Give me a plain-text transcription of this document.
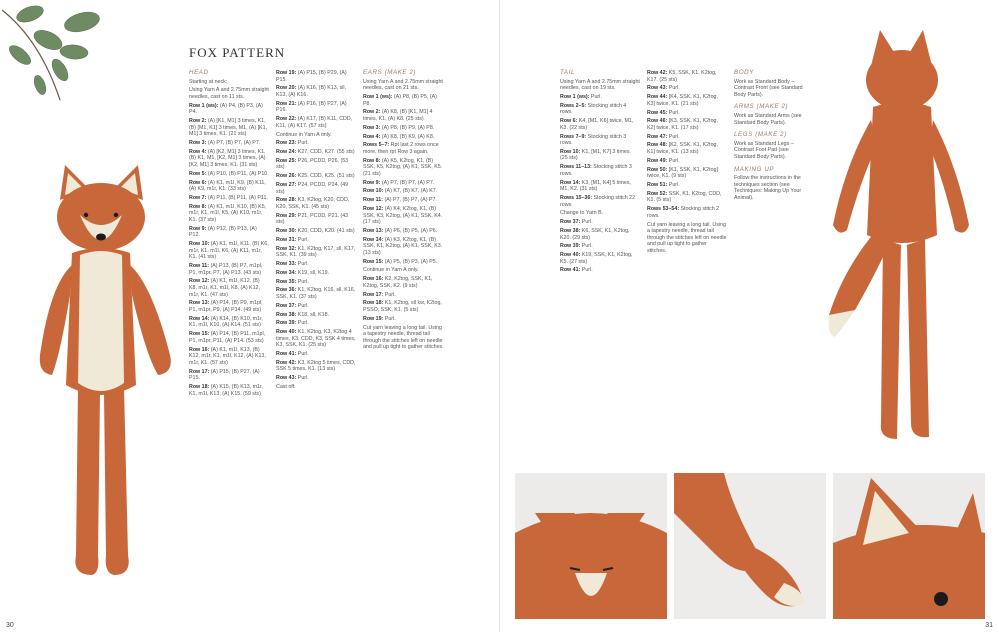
FOX PATTERN
HEAD

Starting at neck:

Using Yarn A and 2.75mm straight needles, cast on 11 sts.

Row 1 (ws): (A) P4, (B) P3, (A) P4.

Row 2: (A) [K1, M1] 3 times, K1, (B) [M1, K1] 3 times, M1, (A) [K1, M1] 3 times, K1. (21 sts)

Row 3: (A) P7, (B) P7, (A) P7.

Row 4: (A) [K2, M1] 3 times, K1, (B) K1, M1, [K2, M1] 3 times, (A) [K2, M1] 3 times, K1. (31 sts)

Row 5: (A) P10, (B) P11, (A) P10.

Row 6: (A) K1, m1l, K9, (B) K11, (A) K9, m1r, K1. (33 sts)

Row 7: (A) P11, (B) P11, (A) P11.

Row 8: (A) K1, m1l, K10, (B) K5, m1r, K1, m1l, K5, (A) K10, m1r, K1. (37 sts)

Row 9: (A) P12, (B) P13, (A) P12.

Row 10: (A) K1, m1l, K11, (B) K6, m1r, K1, m1l, K6, (A) K11, m1r, K1. (41 sts)

Row 11: (A) P13, (B) P7, m1pl, P1, m1pr, P7, (A) P13. (43 sts)

Row 12: (A) K1, m1l, K12, (B) K8, m1r, K1, m1l, K8, (A) K12, m1r, K1. (47 sts)

Row 13: (A) P14, (B) P9, m1pl, P1, m1pr, P9, (A) P14. (49 sts)

Row 14: (A) K14, (B) K10, m1r, K1, m1l, K10, (A) K14. (51 sts)

Row 15: (A) P14, (B) P11, m1pl, P1, m1pr, P11, (A) P14. (53 sts)

Row 16: (A) K1, m1l, K13, (B) K12, m1r, K1, m1l, K12, (A) K13, m1r, K1. (57 sts)

Row 17: (A) P15, (B) P27, (A) P15.

Row 18: (A) K15, (B) K13, m1r, K1, m1l, K13, (A) K15. (59 sts)

Row 19: (A) P15, (B) P29, (A) P15.

Row 20: (A) K16, (B) K13, sll, K13, (A) K16.

Row 21: (A) P16, (B) P27, (A) P16.

Row 22: (A) K17, (B) K11, CDD, K11, (A) K17. (57 sts)

Continue in Yarn A only.

Row 23: Purl.

Row 24: K27, CDD, K27. (55 sts)

Row 25: P26, PCDD, P26. (53 sts)

Row 26: K25, CDD, K25. (51 sts)

Row 27: P24, PCDD, P24. (49 sts)

Row 28: K3, K2tog, K20, CDD, K20, SSK, K1. (45 sts)

Row 29: P21, PCDD, P21. (43 sts)

Row 30: K20, CDD, K20. (41 sts)

Row 31: Purl.

Row 32: K1, K2tog, K17, sll, K17, SSK, K1. (39 sts)

Row 33: Purl.

Row 34: K19, sll, K19.

Row 35: Purl.

Row 36: K1, K2tog, K16, sll, K16, SSK, K1. (37 sts)

Row 37: Purl.

Row 38: K18, sll, K18.

Row 39: Purl.

Row 40: K1, K2tog, K3, K2tog 4 times, K3, CDD, K3, SSK 4 times, K3, SSK, K1. (25 sts)

Row 41: Purl.

Row 42: K3, K2tog 5 times, CDD, SSK 5 times, K1. (13 sts)

Row 43: Purl.

Cast off.

EARS (MAKE 2)

Using Yarn A and 2.75mm straight needles, cast on 21 sts.

Row 1 (ws): (A) P8, (B) P5, (A) P8.

Row 2: (A) K8, (B) [K1, M1] 4 times, K1, (A) K8. (25 sts)

Row 3: (A) P8, (B) P9, (A) P8.

Row 4: (A) K8, (B) K9, (A) K8.

Rows 5–7: Rpt last 2 rows once more, then rpt Row 3 again.

Row 8: (A) K5, K2tog, K1, (B) SSK, K5, K2tog, (A) K1, SSK, K5. (21 sts)

Row 9: (A) P7, (B) P7, (A) P7.

Row 10: (A) K7, (B) K7, (A) K7.

Row 11: (A) P7, (B) P7, (A) P7.

Row 12: (A) K4, K2tog, K1, (B) SSK, K3, K2tog, (A) K1, SSK, K4. (17 sts)

Row 13: (A) P6, (B) P5, (A) P6.

Row 14: (A) K3, K2tog, K1, (B) SSK, K1, K2tog, (A) K1, SSK, K3. (13 sts)

Row 15: (A) P5, (B) P3, (A) P5.

Continue in Yarn A only.

Row 16: K2, K2tog, SSK, K1, K2tog, SSK, K2. (9 sts)

Row 17: Purl.

Row 18: K1, K2tog, sll kw, K2tog, PSSO, SSK, K1. (5 sts)

Row 19: Purl.

Cut yarn leaving a long tail. Using a tapestry needle, thread tail through the stitches left on needle and pull up tight to gather stitches.

30
TAIL

Using Yarn A and 2.75mm straight needles, cast on 19 sts.

Row 1 (ws): Purl.

Rows 2–5: Stocking stitch 4 rows.

Row 6: K4, [M1, K6] twice, M1, K3. (22 sts)

Rows 7–9: Stocking stitch 3 rows.

Row 10: K1, [M1, K7] 3 times. (25 sts)

Rows 11–13: Stocking stitch 3 rows.

Row 14: K3, [M1, K4] 5 times, M1, K2. (31 sts)

Rows 15–36: Stocking stitch 22 rows.

Change to Yarn B.

Row 37: Purl.

Row 38: K6, SSK, K1, K2tog, K20. (29 sts)

Row 39: Purl.

Row 40: K19, SSK, K1, K2tog, K5. (27 sts)

Row 41: Purl.

Row 42: K5, SSK, K1, K2tog, K17. (25 sts)

Row 43: Purl.

Row 44: [K4, SSK, K1, K2tog, K3] twice, K1. (21 sts)

Row 45: Purl.

Row 46: [K3, SSK, K1, K2tog, K2] twice, K1. (17 sts)

Row 47: Purl.

Row 48: [K2, SSK, K1, K2tog, K1] twice, K1. (13 sts)

Row 49: Purl.

Row 50: [K1, SSK, K1, K2tog] twice, K1. (9 sts)

Row 51: Purl.

Row 52: SSK, K1, K2tog, CDD, K1. (5 sts)

Rows 53–54: Stocking stitch 2 rows.

Cut yarn leaving a long tail. Using a tapestry needle, thread tail through the stitches left on needle and pull up tight to gather stitches.

BODY

Work as Standard Body – Contrast Front (see Standard Body Parts).

ARMS (MAKE 2)

Work as Standard Arms (see Standard Body Parts).

LEGS (MAKE 2)

Work as Standard Legs – Contrast Foot Pad (see Standard Body Parts).

MAKING UP

Follow the instructions in the techniques section (see Techniques: Making Up Your Animal).

31
